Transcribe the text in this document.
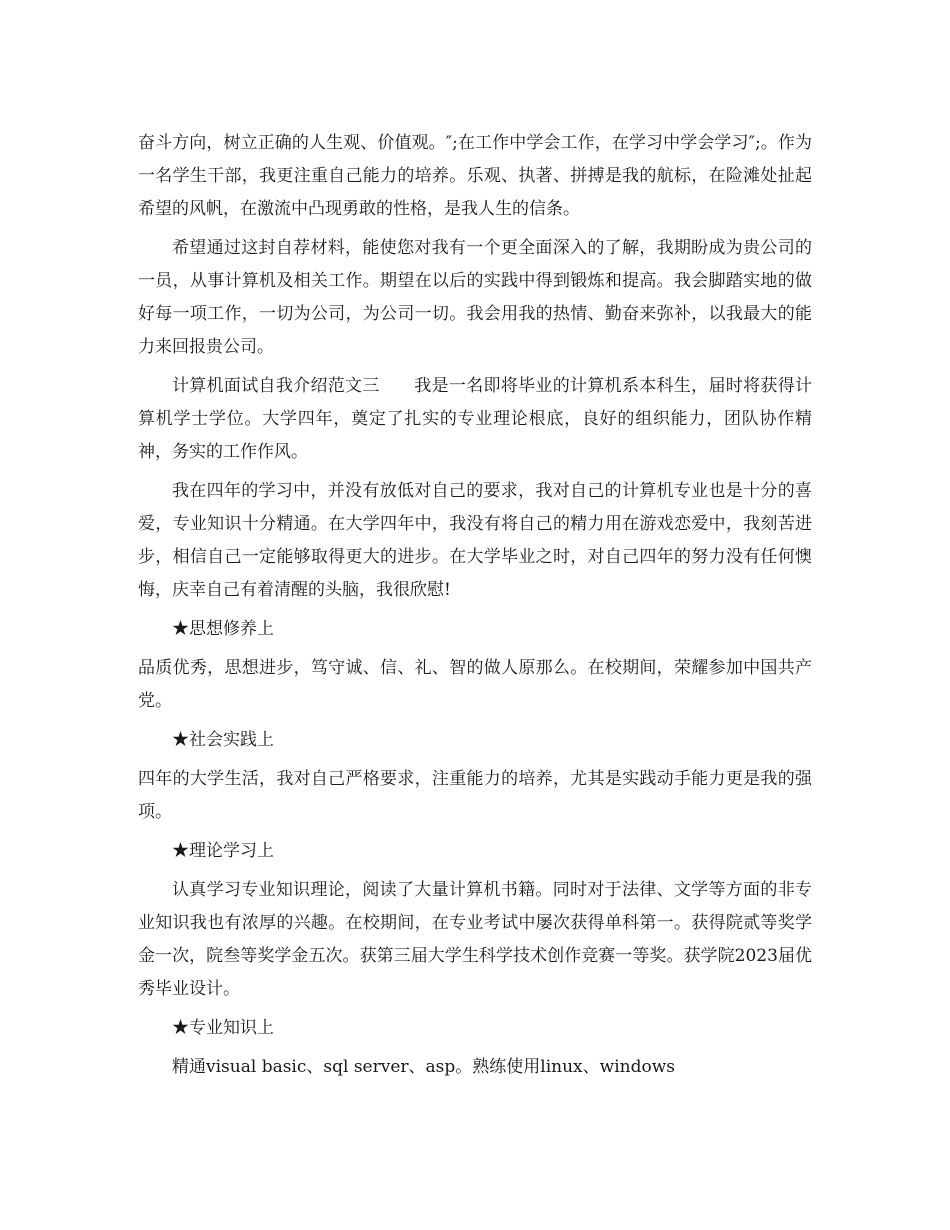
奋斗方向，树立正确的人生观、价值观。″;在工作中学会工作，在学习中学会学习″;。作为一名学生干部，我更注重自己能力的培养。乐观、执著、拼搏是我的航标，在险滩处扯起希望的风帆，在激流中凸现勇敢的性格，是我人生的信条。

希望通过这封自荐材料，能使您对我有一个更全面深入的了解，我期盼成为贵公司的一员，从事计算机及相关工作。期望在以后的实践中得到锻炼和提高。我会脚踏实地的做好每一项工作，一切为公司，为公司一切。我会用我的热情、勤奋来弥补，以我最大的能力来回报贵公司。

计算机面试自我介绍范文三　　我是一名即将毕业的计算机系本科生，届时将获得计算机学士学位。大学四年，奠定了扎实的专业理论根底，良好的组织能力，团队协作精神，务实的工作作风。

我在四年的学习中，并没有放低对自己的要求，我对自己的计算机专业也是十分的喜爱，专业知识十分精通。在大学四年中，我没有将自己的精力用在游戏恋爱中，我刻苦进步，相信自己一定能够取得更大的进步。在大学毕业之时，对自己四年的努力没有任何懊悔，庆幸自己有着清醒的头脑，我很欣慰!

★思想修养上

品质优秀，思想进步，笃守诚、信、礼、智的做人原那么。在校期间，荣耀参加中国共产党。

★社会实践上

四年的大学生活，我对自己严格要求，注重能力的培养，尤其是实践动手能力更是我的强项。

★理论学习上

认真学习专业知识理论，阅读了大量计算机书籍。同时对于法律、文学等方面的非专业知识我也有浓厚的兴趣。在校期间，在专业考试中屡次获得单科第一。获得院贰等奖学金一次，院叁等奖学金五次。获第三届大学生科学技术创作竞赛一等奖。获学院2023届优秀毕业设计。

★专业知识上

精通visual basic、sql server、asp。熟练使用linux、windows
